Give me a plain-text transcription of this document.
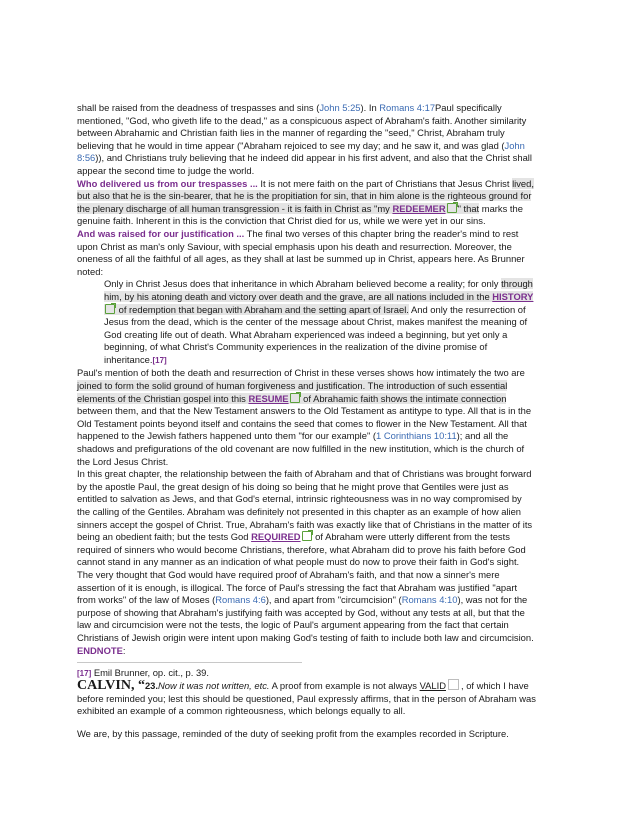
shall be raised from the deadness of trespasses and sins (John 5:25). In Romans 4:17Paul specifically mentioned, "God, who giveth life to the dead," as a conspicuous aspect of Abraham's faith. Another similarity between Abrahamic and Christian faith lies in the manner of regarding the "seed," Christ, Abraham truly believing that he would in time appear ("Abraham rejoiced to see my day; and he saw it, and was glad (John 8:56)), and Christians truly believing that he indeed did appear in his first advent, and also that the Christ shall appear the second time to judge the world.

Who delivered us from our trespasses ... It is not mere faith on the part of Christians that Jesus Christ lived, but also that he is the sin-bearer, that he is the propitiation for sin, that in him alone is the righteous ground for the plenary discharge of all human transgression - it is faith in Christ as "my REDEEMER " that marks the genuine faith. Inherent in this is the conviction that Christ died for us, while we were yet in our sins.

And was raised for our justification ... The final two verses of this chapter bring the reader's mind to rest upon Christ as man's only Saviour, with special emphasis upon his death and resurrection. Moreover, the oneness of all the faithful of all ages, as they shall at last be summed up in Christ, appears here. As Brunner noted:

Only in Christ Jesus does that inheritance in which Abraham believed become a reality; for only through him, by his atoning death and victory over death and the grave, are all nations included in the HISTORY of redemption that began with Abraham and the setting apart of Israel. And only the resurrection of Jesus from the dead, which is the center of the message about Christ, makes manifest the meaning of God creating life out of death. What Abraham experienced was indeed a beginning, but yet only a beginning, of what Christ's Community experiences in the realization of the divine promise of inheritance.[17]

Paul's mention of both the death and resurrection of Christ in these verses shows how intimately the two are joined to form the solid ground of human forgiveness and justification. The introduction of such essential elements of the Christian gospel into this RESUME of Abrahamic faith shows the intimate connection between them, and that the New Testament answers to the Old Testament as antitype to type. All that is in the Old Testament points beyond itself and contains the seed that comes to flower in the New Testament. All that happened to the Jewish fathers happened unto them "for our example" (1 Corinthians 10:11); and all the shadows and prefigurations of the old covenant are now fulfilled in the new institution, which is the church of the Lord Jesus Christ.

In this great chapter, the relationship between the faith of Abraham and that of Christians was brought forward by the apostle Paul, the great design of his doing so being that he might prove that Gentiles were just as entitled to salvation as Jews, and that God's eternal, intrinsic righteousness was in no way compromised by the calling of the Gentiles. Abraham was definitely not presented in this chapter as an example of how alien sinners accept the gospel of Christ. True, Abraham's faith was exactly like that of Christians in the matter of its being an obedient faith; but the tests God REQUIRED of Abraham were utterly different from the tests required of sinners who would become Christians, therefore, what Abraham did to prove his faith before God cannot stand in any manner as an indication of what people must do now to prove their faith in God's sight. The very thought that God would have required proof of Abraham's faith, and that now a sinner's mere assertion of it is enough, is illogical. The force of Paul's stressing the fact that Abraham was justified "apart from works" of the law of Moses (Romans 4:6), and apart from "circumcision" (Romans 4:10), was not for the purpose of showing that Abraham's justifying faith was accepted by God, without any tests at all, but that the law and circumcision were not the tests, the logic of Paul's argument appearing from the fact that certain Christians of Jewish origin were intent upon making God's testing of faith to include both law and circumcision.

ENDNOTE:

[17] Emil Brunner, op. cit., p. 39.

CALVIN, “23.Now it was not written, etc. A proof from example is not always VALID , of which I have before reminded you; lest this should be questioned, Paul expressly affirms, that in the person of Abraham was exhibited an example of a common righteousness, which belongs equally to all.

We are, by this passage, reminded of the duty of seeking profit from the examples recorded in Scripture.
